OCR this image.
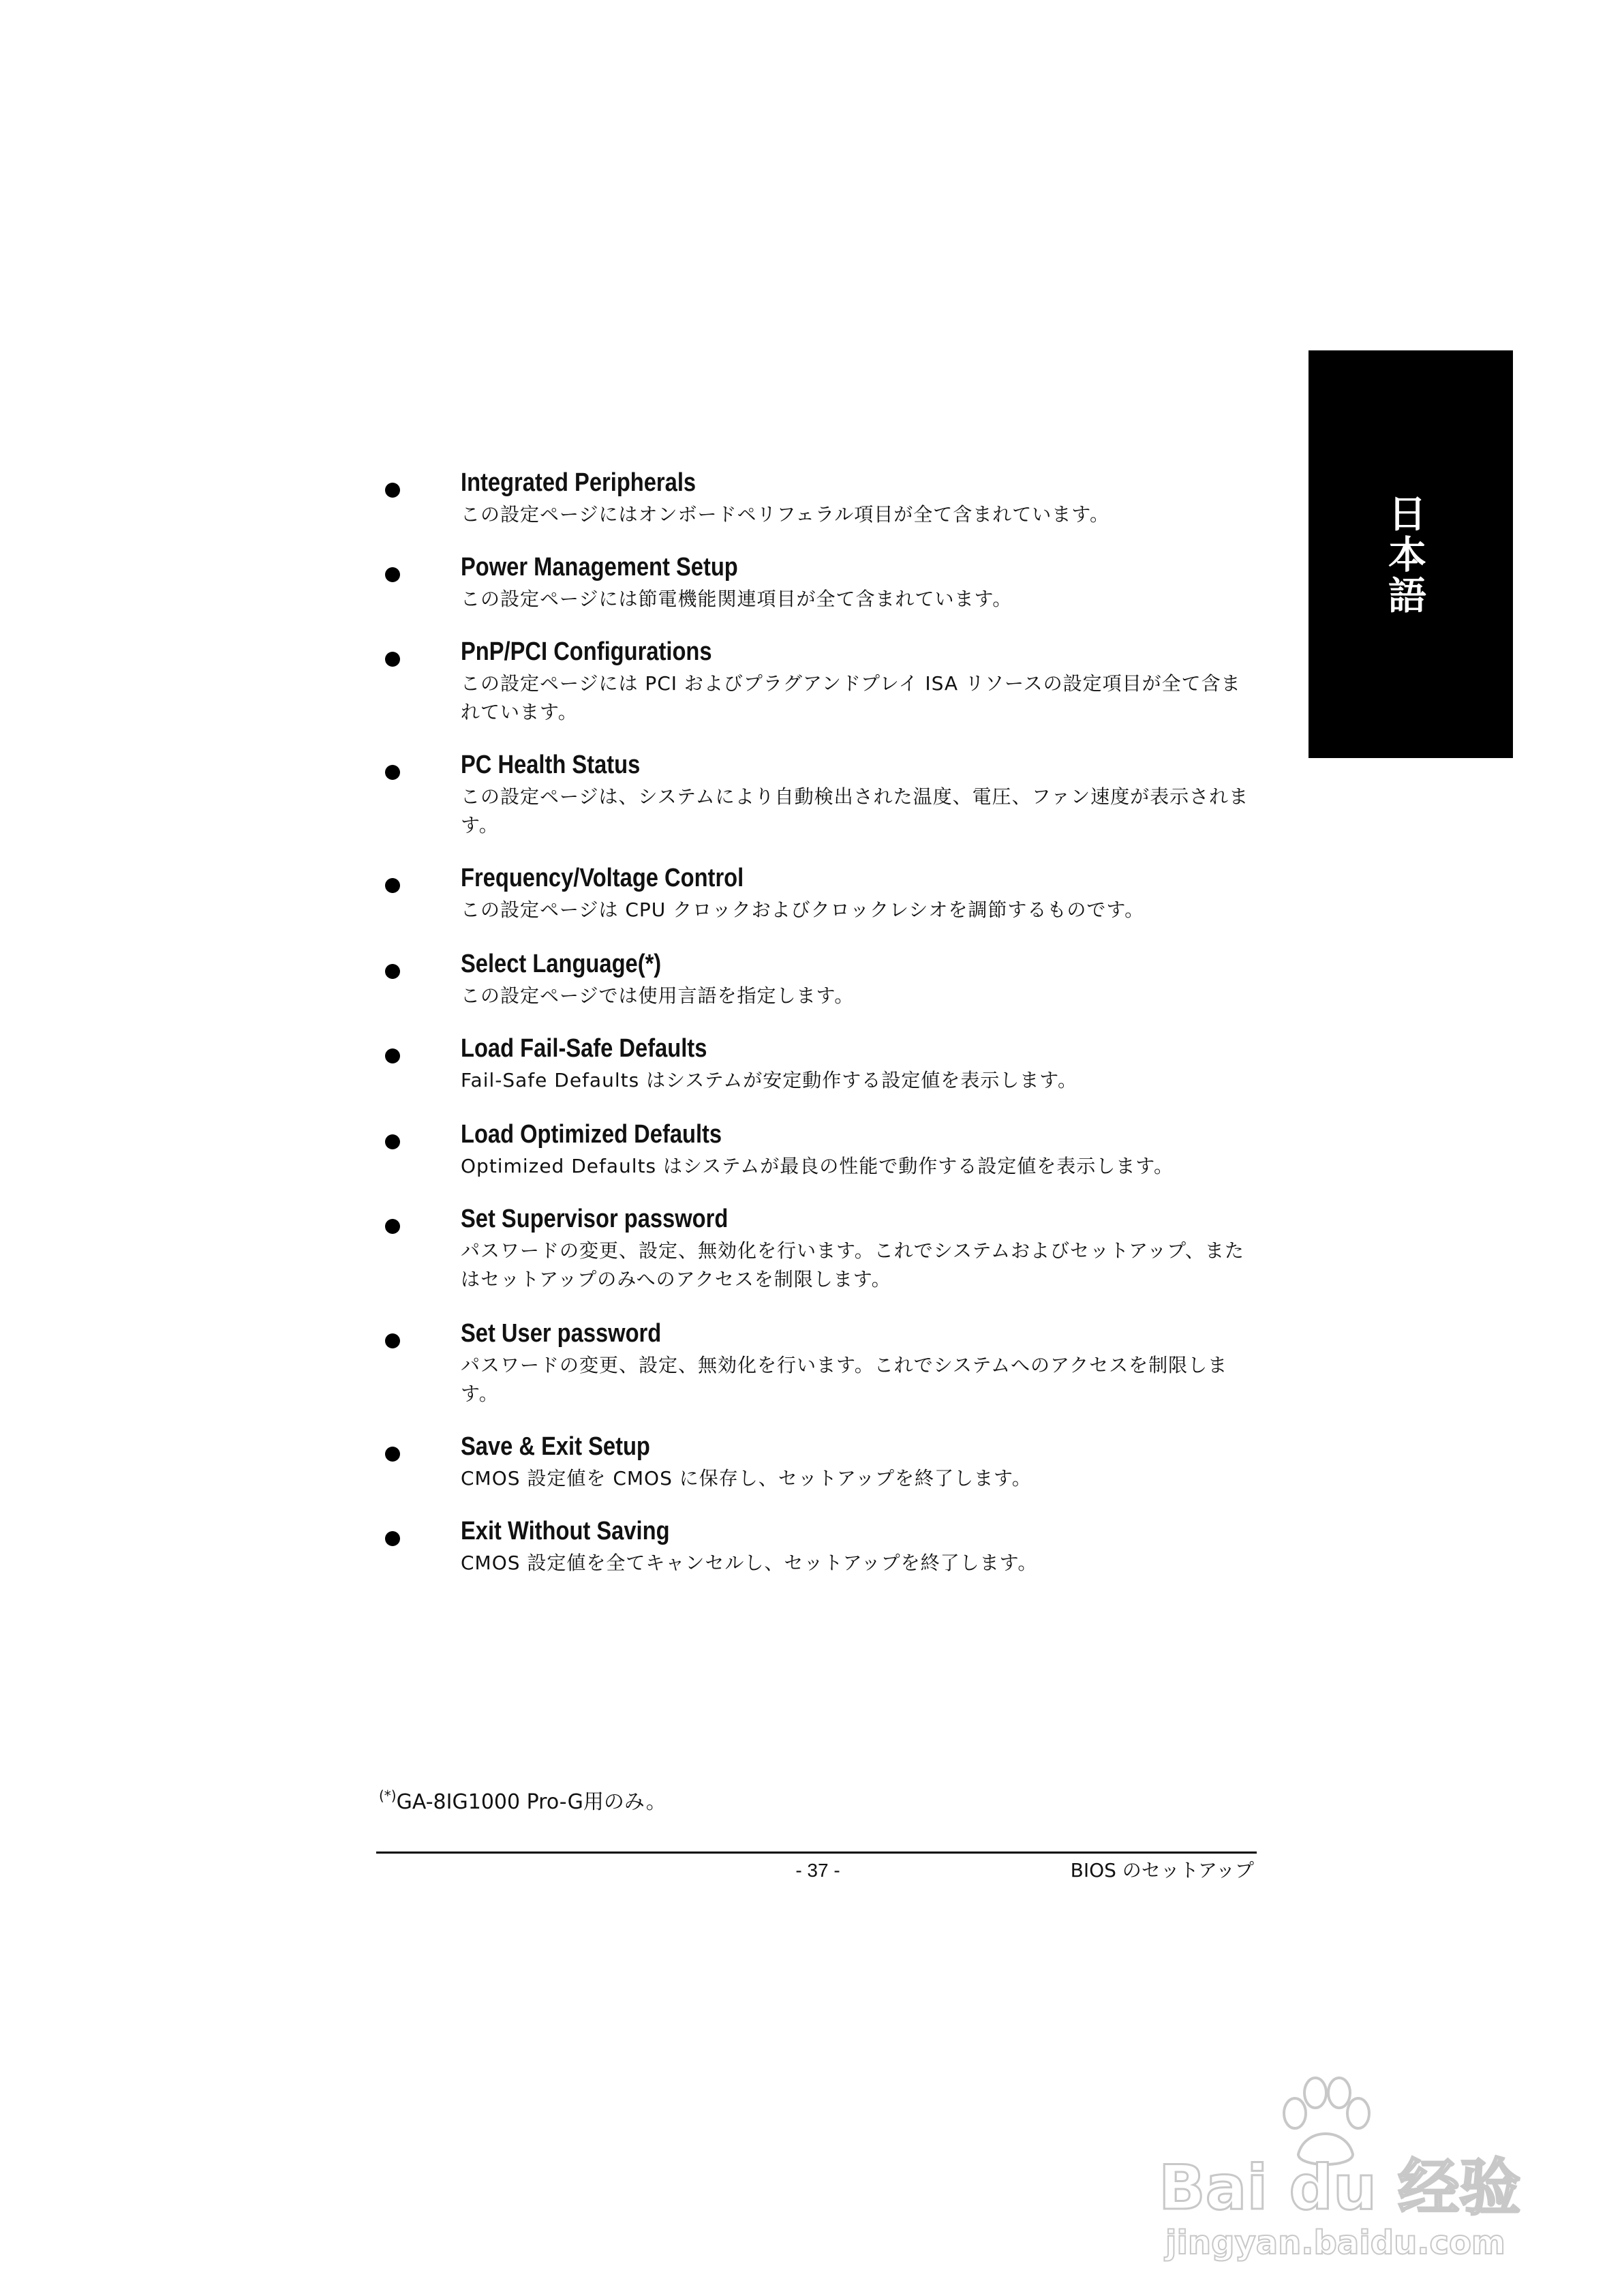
日本語
Integrated Peripherals
この設定ページにはオンボードペリフェラル項目が全て含まれています。
Power Management Setup
この設定ページには節電機能関連項目が全て含まれています。
PnP/PCI Configurations
この設定ページには PCI およびプラグアンドプレイ ISA リソースの設定項目が全て含まれています。
PC Health Status
この設定ページは、システムにより自動検出された温度、電圧、ファン速度が表示されます。
Frequency/Voltage Control
この設定ページは CPU クロックおよびクロックレシオを調節するものです。
Select Language(*)
この設定ページでは使用言語を指定します。
Load Fail-Safe Defaults
Fail-Safe Defaults はシステムが安定動作する設定値を表示します。
Load Optimized Defaults
Optimized Defaults はシステムが最良の性能で動作する設定値を表示します。
Set Supervisor password
パスワードの変更、設定、無効化を行います。これでシステムおよびセットアップ、またはセットアップのみへのアクセスを制限します。
Set User password
パスワードの変更、設定、無効化を行います。これでシステムへのアクセスを制限します。
Save & Exit Setup
CMOS 設定値を CMOS に保存し、セットアップを終了します。
Exit Without Saving
CMOS 設定値を全てキャンセルし、セットアップを終了します。
(*)GA-8IG1000 Pro-G用のみ。
- 37 -	BIOS のセットアップ
Bai du 经验
jingyan.baidu.com
